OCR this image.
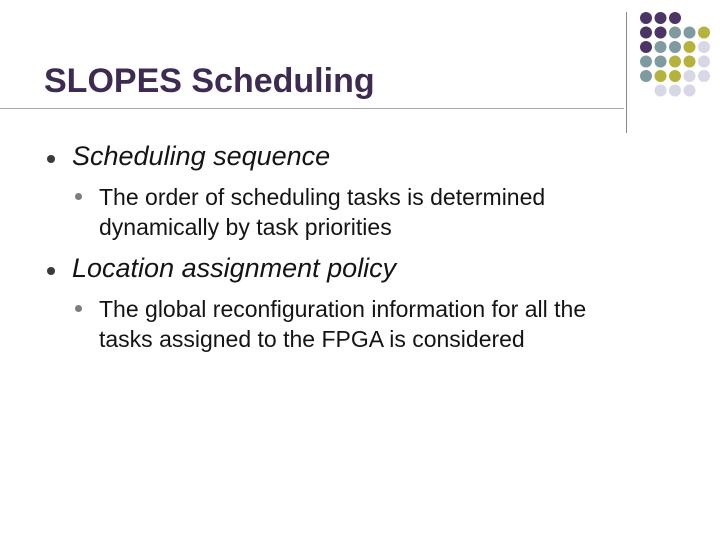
SLOPES Scheduling
Scheduling sequence
The order of scheduling tasks is determined
dynamically by task priorities
Location assignment policy
The global reconfiguration information for all the
tasks assigned to the FPGA is considered
